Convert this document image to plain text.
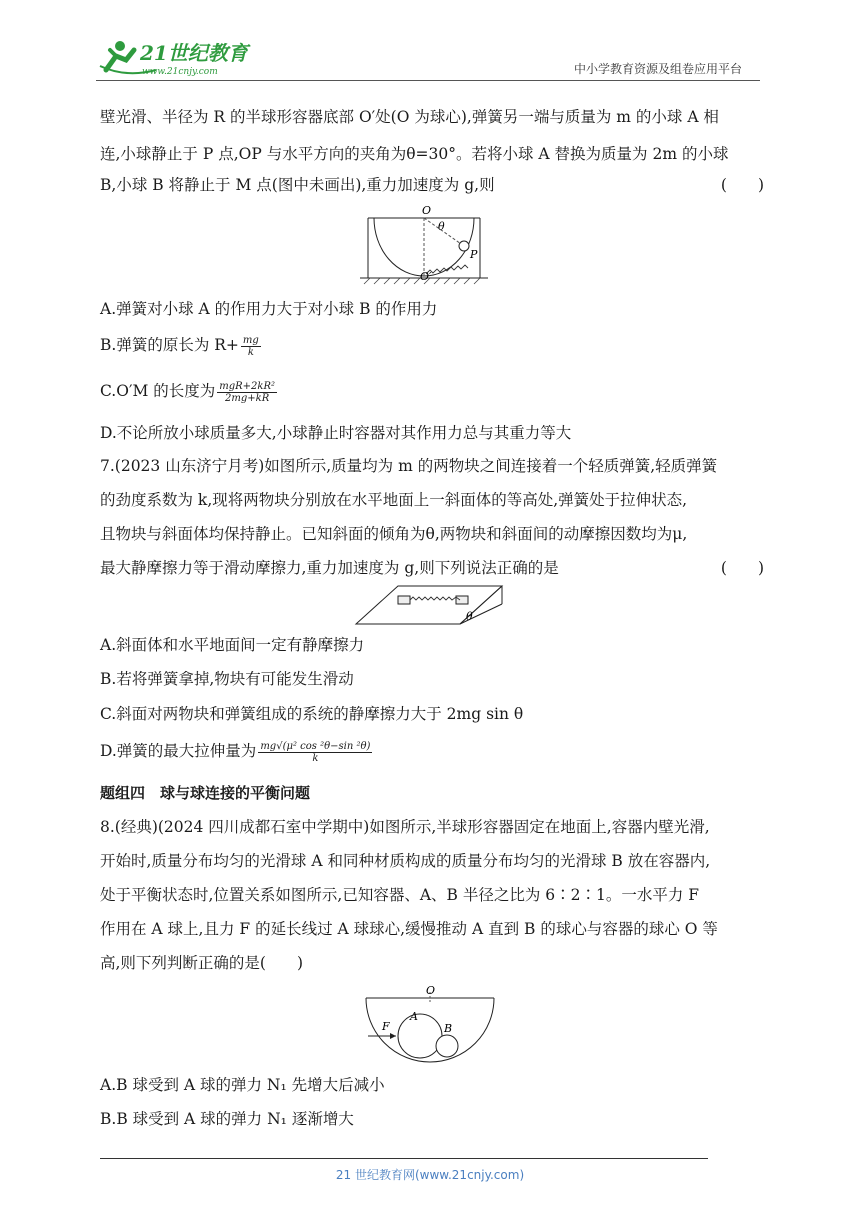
21世纪教育
www.21cnjy.com	中小学教育资源及组卷应用平台
壁光滑、半径为 R 的半球形容器底部 O′处(O 为球心),弹簧另一端与质量为 m 的小球 A 相
连,小球静止于 P 点,OP 与水平方向的夹角为θ=30°。若将小球 A 替换为质量为 2m 的小球
B,小球 B 将静止于 M 点(图中未画出),重力加速度为 g,则	(　　)
O
θ
P
O′
A.弹簧对小球 A 的作用力大于对小球 B 的作用力
B.弹簧的原长为 $R+ \frac{mg}{k}$
C.O′M 的长度为 $\frac{\text{mgR+2kR²}}{2mg+kR}$
D.不论所放小球质量多大,小球静止时容器对其作用力总与其重力等大
7.(2023 山东济宁月考)如图所示,质量均为 m 的两物块之间连接着一个轻质弹簧,轻质弹簧
的劲度系数为 k,现将两物块分别放在水平地面上一斜面体的等高处,弹簧处于拉伸状态,
且物块与斜面体均保持静止。已知斜面的倾角为θ,两物块和斜面间的动摩擦因数均为μ,
最大静摩擦力等于滑动摩擦力,重力加速度为 g,则下列说法正确的是	(　　)
θ
A.斜面体和水平地面间一定有静摩擦力
B.若将弹簧拿掉,物块有可能发生滑动
C.斜面对两物块和弹簧组成的系统的静摩擦力大于 2mg sin θ
D.弹簧的最大拉伸量为 $\frac{\text{mg√(μ² cos ²θ−sin ²θ)}}{k}$
题组四　球与球连接的平衡问题
8.(经典)(2024 四川成都石室中学期中)如图所示,半球形容器固定在地面上,容器内壁光滑,
开始时,质量分布均匀的光滑球 A 和同种材质构成的质量分布均匀的光滑球 B 放在容器内,
处于平衡状态时,位置关系如图所示,已知容器、A、B 半径之比为 6∶2∶1。一水平力 F
作用在 A 球上,且力 F 的延长线过 A 球球心,缓慢推动 A 直到 B 的球心与容器的球心 O 等
高,则下列判断正确的是(　　)
O
A
B
F
A.B 球受到 A 球的弹力 N₁ 先增大后减小
B.B 球受到 A 球的弹力 N₁ 逐渐增大
21 世纪教育网(www.21cnjy.com)
